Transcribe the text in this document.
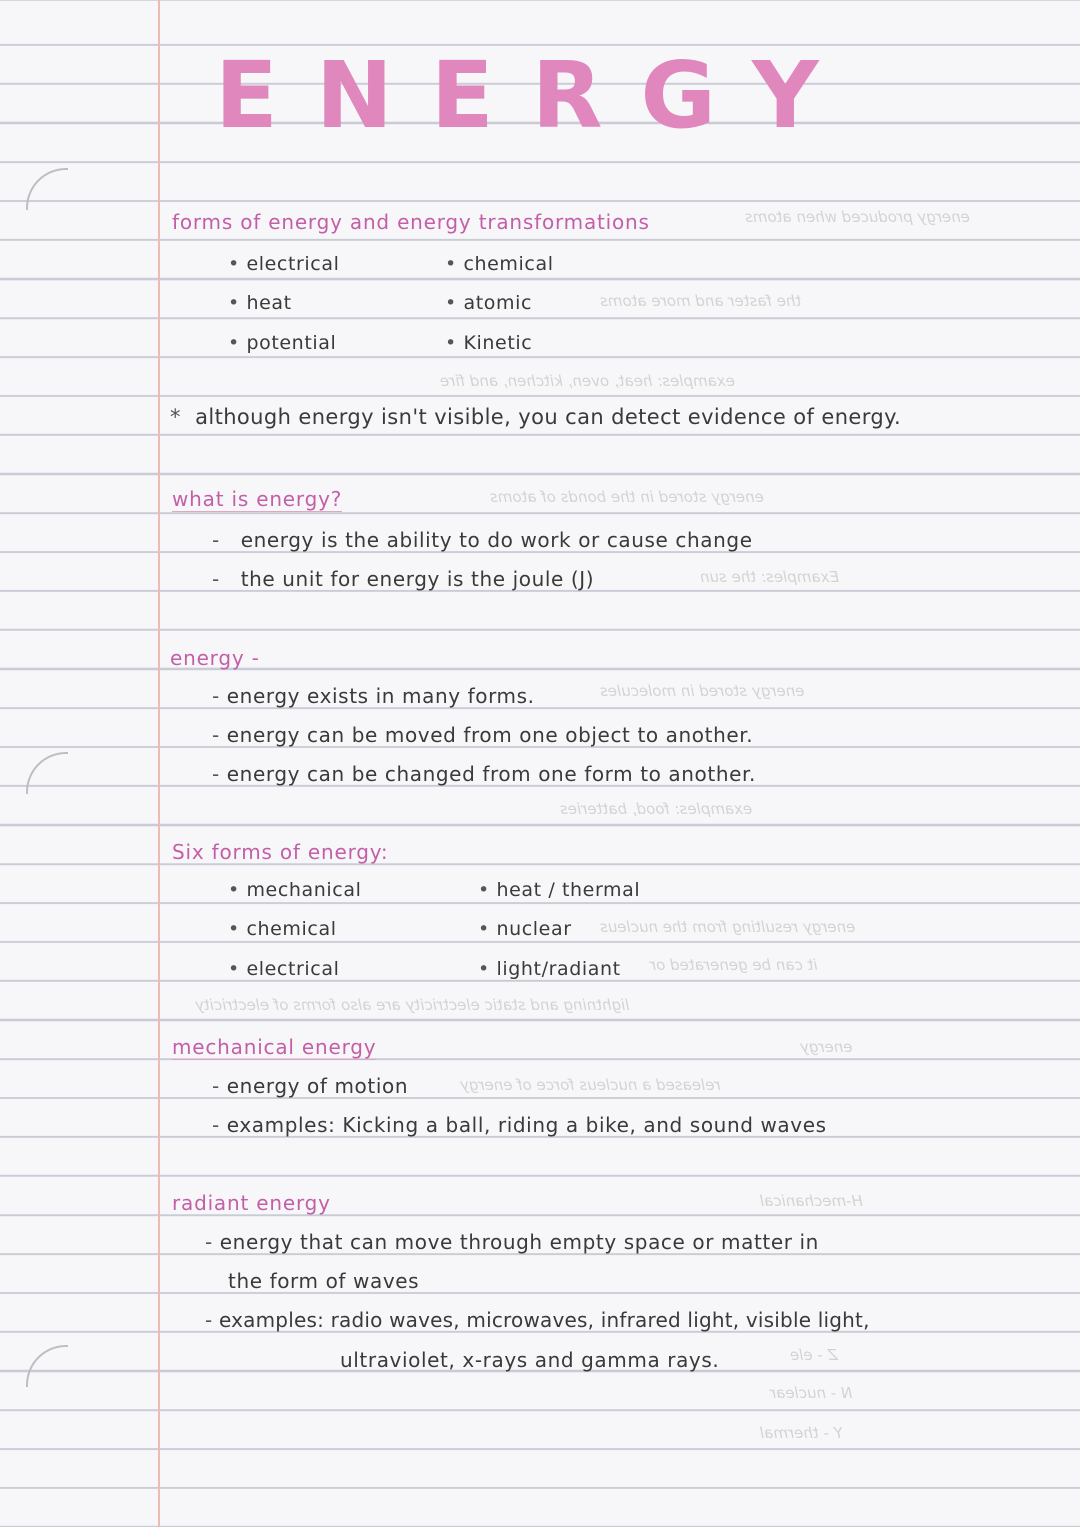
energy produced when atoms
the faster and more atoms
examples: heat, oven, kitchen, and fire
energy stored in the bonds of atoms
Examples: the sun
energy stored in molecules
examples: food, batteries
energy resulting from the nucleus
it can be generated or
lightning and static electricity are also forms of electricity
energy
released a nucleus force of energy
H-mechanical
Z - ele
N - nuclear
Y - thermal
ENERGY

forms of energy and energy transformations

• electrical	• chemical

• heat	• atomic

• potential	• Kinetic

* although energy isn't visible, you can detect evidence of energy.

what is energy?

-   energy is the ability to do work or cause change

-   the unit for energy is the joule (J)

energy -

- energy exists in many forms.

- energy can be moved from one object to another.

- energy can be changed from one form to another.

Six forms of energy:

• mechanical	• heat / thermal

• chemical	• nuclear

• electrical	• light/radiant

mechanical energy

- energy of motion

- examples: Kicking a ball, riding a bike, and sound waves

radiant energy

- energy that can move through empty space or matter in

the form of waves

- examples: radio waves, microwaves, infrared light, visible light,

ultraviolet, x-rays and gamma rays.
